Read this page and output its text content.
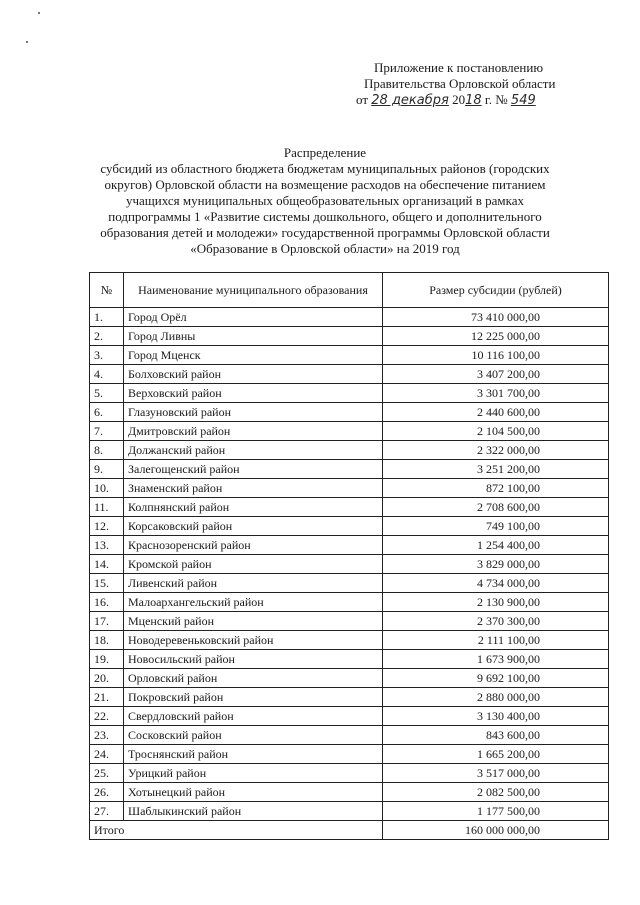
Приложение к постановлению
Правительства Орловской области
от 28 декабря 2018 г. № 549
Распределение
субсидий из областного бюджета бюджетам муниципальных районов (городских
округов) Орловской области на возмещение расходов на обеспечение питанием
учащихся муниципальных общеобразовательных организаций в рамках
подпрограммы 1 «Развитие системы дошкольного, общего и дополнительного
образования детей и молодежи» государственной программы Орловской области
«Образование в Орловской области» на 2019 год
№	Наименование муниципального образования	Размер субсидии (рублей)
1.	Город Орёл	73 410 000,00
2.	Город Ливны	12 225 000,00
3.	Город Мценск	10 116 100,00
4.	Болховский район	3 407 200,00
5.	Верховский район	3 301 700,00
6.	Глазуновский район	2 440 600,00
7.	Дмитровский район	2 104 500,00
8.	Должанский район	2 322 000,00
9.	Залегощенский район	3 251 200,00
10.	Знаменский район	872 100,00
11.	Колпнянский район	2 708 600,00
12.	Корсаковский район	749 100,00
13.	Краснозоренский район	1 254 400,00
14.	Кромской район	3 829 000,00
15.	Ливенский район	4 734 000,00
16.	Малоархангельский район	2 130 900,00
17.	Мценский район	2 370 300,00
18.	Новодеревеньковский район	2 111 100,00
19.	Новосильский район	1 673 900,00
20.	Орловский район	9 692 100,00
21.	Покровский район	2 880 000,00
22.	Свердловский район	3 130 400,00
23.	Сосковский район	843 600,00
24.	Троснянский район	1 665 200,00
25.	Урицкий район	3 517 000,00
26.	Хотынецкий район	2 082 500,00
27.	Шаблыкинский район	1 177 500,00
Итого		160 000 000,00
